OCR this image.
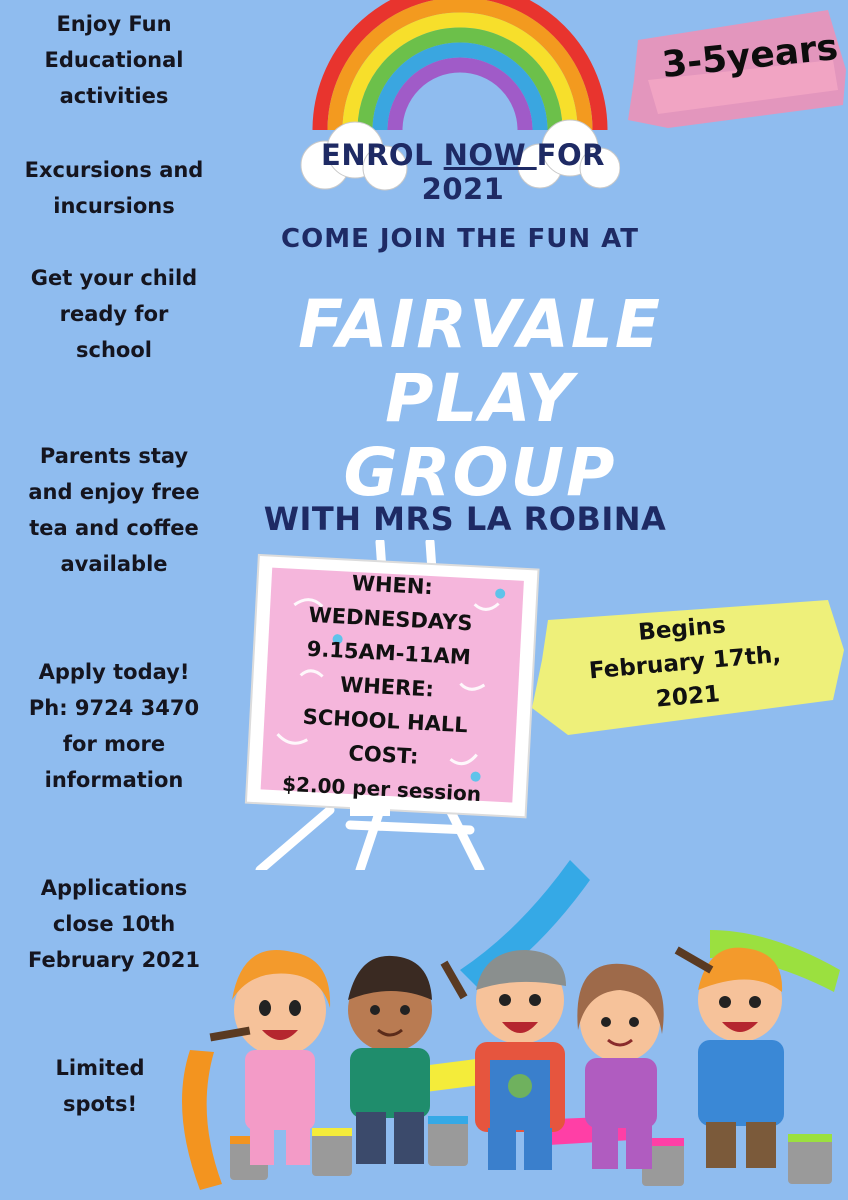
Enjoy Fun
Educational
activities
Excursions and
incursions
Get your child
ready for
school
Parents stay
and enjoy free
tea and coffee
available
Apply today!
Ph: 9724 3470
for more
information
Applications
close 10th
February 2021
Limited
spots!
ENROL NOW FOR 2021
3-5years
COME JOIN THE FUN AT
FAIRVALE PLAY
GROUP
WITH MRS LA ROBINA
WHEN:
WEDNESDAYS
9.15AM-11AM
WHERE:
SCHOOL HALL
COST:
$2.00 per session
Begins
February 17th,
2021
